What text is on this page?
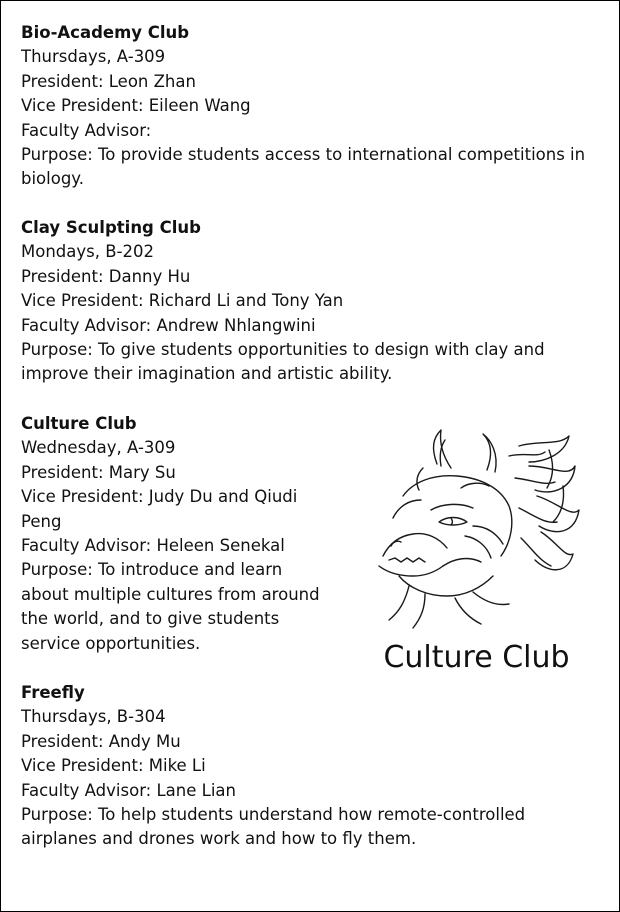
Bio-Academy Club

Thursdays, A-309

President: Leon Zhan

Vice President: Eileen Wang

Faculty Advisor:

Purpose: To provide students access to international competitions in biology.

Clay Sculpting Club

Mondays, B-202

President: Danny Hu

Vice President: Richard Li and Tony Yan

Faculty Advisor: Andrew Nhlangwini

Purpose: To give students opportunities to design with clay and improve their imagination and artistic ability.

Culture Club

Wednesday, A-309

President: Mary Su

Vice President: Judy Du and Qiudi Peng

Faculty Advisor: Heleen Senekal

Purpose: To introduce and learn about multiple cultures from around the world, and to give students service opportunities.	Culture Club

Freefly

Thursdays, B-304

President: Andy Mu

Vice President: Mike Li

Faculty Advisor: Lane Lian

Purpose: To help students understand how remote-controlled airplanes and drones work and how to fly them.
